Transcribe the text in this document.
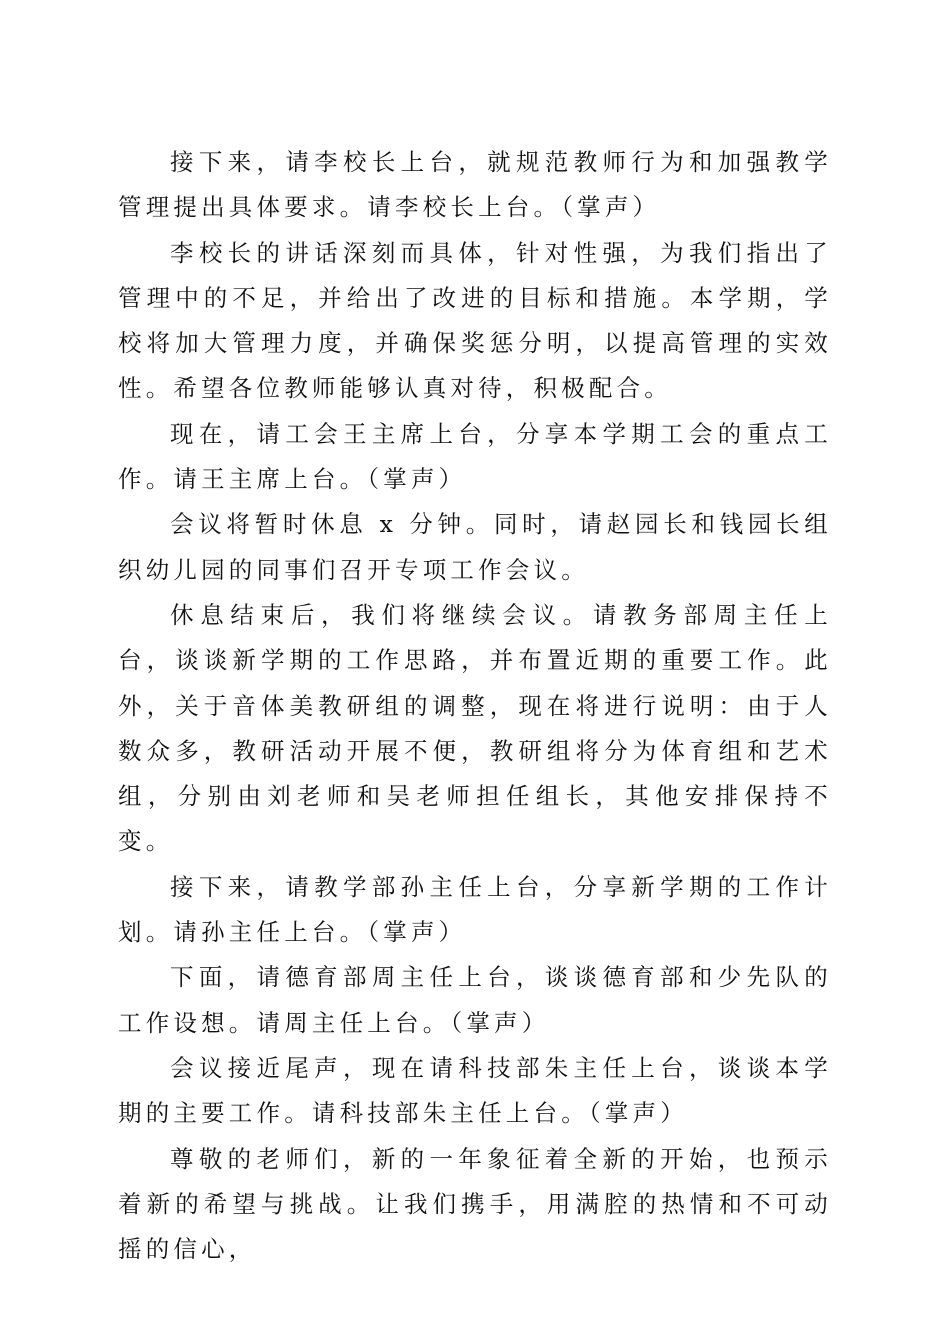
接下来，请李校长上台，就规范教师行为和加强教学管理提出具体要求。请李校长上台。（掌声）

李校长的讲话深刻而具体，针对性强，为我们指出了管理中的不足，并给出了改进的目标和措施。本学期，学校将加大管理力度，并确保奖惩分明，以提高管理的实效性。希望各位教师能够认真对待，积极配合。

现在，请工会王主席上台，分享本学期工会的重点工作。请王主席上台。（掌声）

会议将暂时休息 x 分钟。同时，请赵园长和钱园长组织幼儿园的同事们召开专项工作会议。

休息结束后，我们将继续会议。请教务部周主任上台，谈谈新学期的工作思路，并布置近期的重要工作。此外，关于音体美教研组的调整，现在将进行说明：由于人数众多，教研活动开展不便，教研组将分为体育组和艺术组，分别由刘老师和吴老师担任组长，其他安排保持不变。

接下来，请教学部孙主任上台，分享新学期的工作计划。请孙主任上台。（掌声）

下面，请德育部周主任上台，谈谈德育部和少先队的工作设想。请周主任上台。（掌声）

会议接近尾声，现在请科技部朱主任上台，谈谈本学期的主要工作。请科技部朱主任上台。（掌声）

尊敬的老师们，新的一年象征着全新的开始，也预示着新的希望与挑战。让我们携手，用满腔的热情和不可动摇的信心，
